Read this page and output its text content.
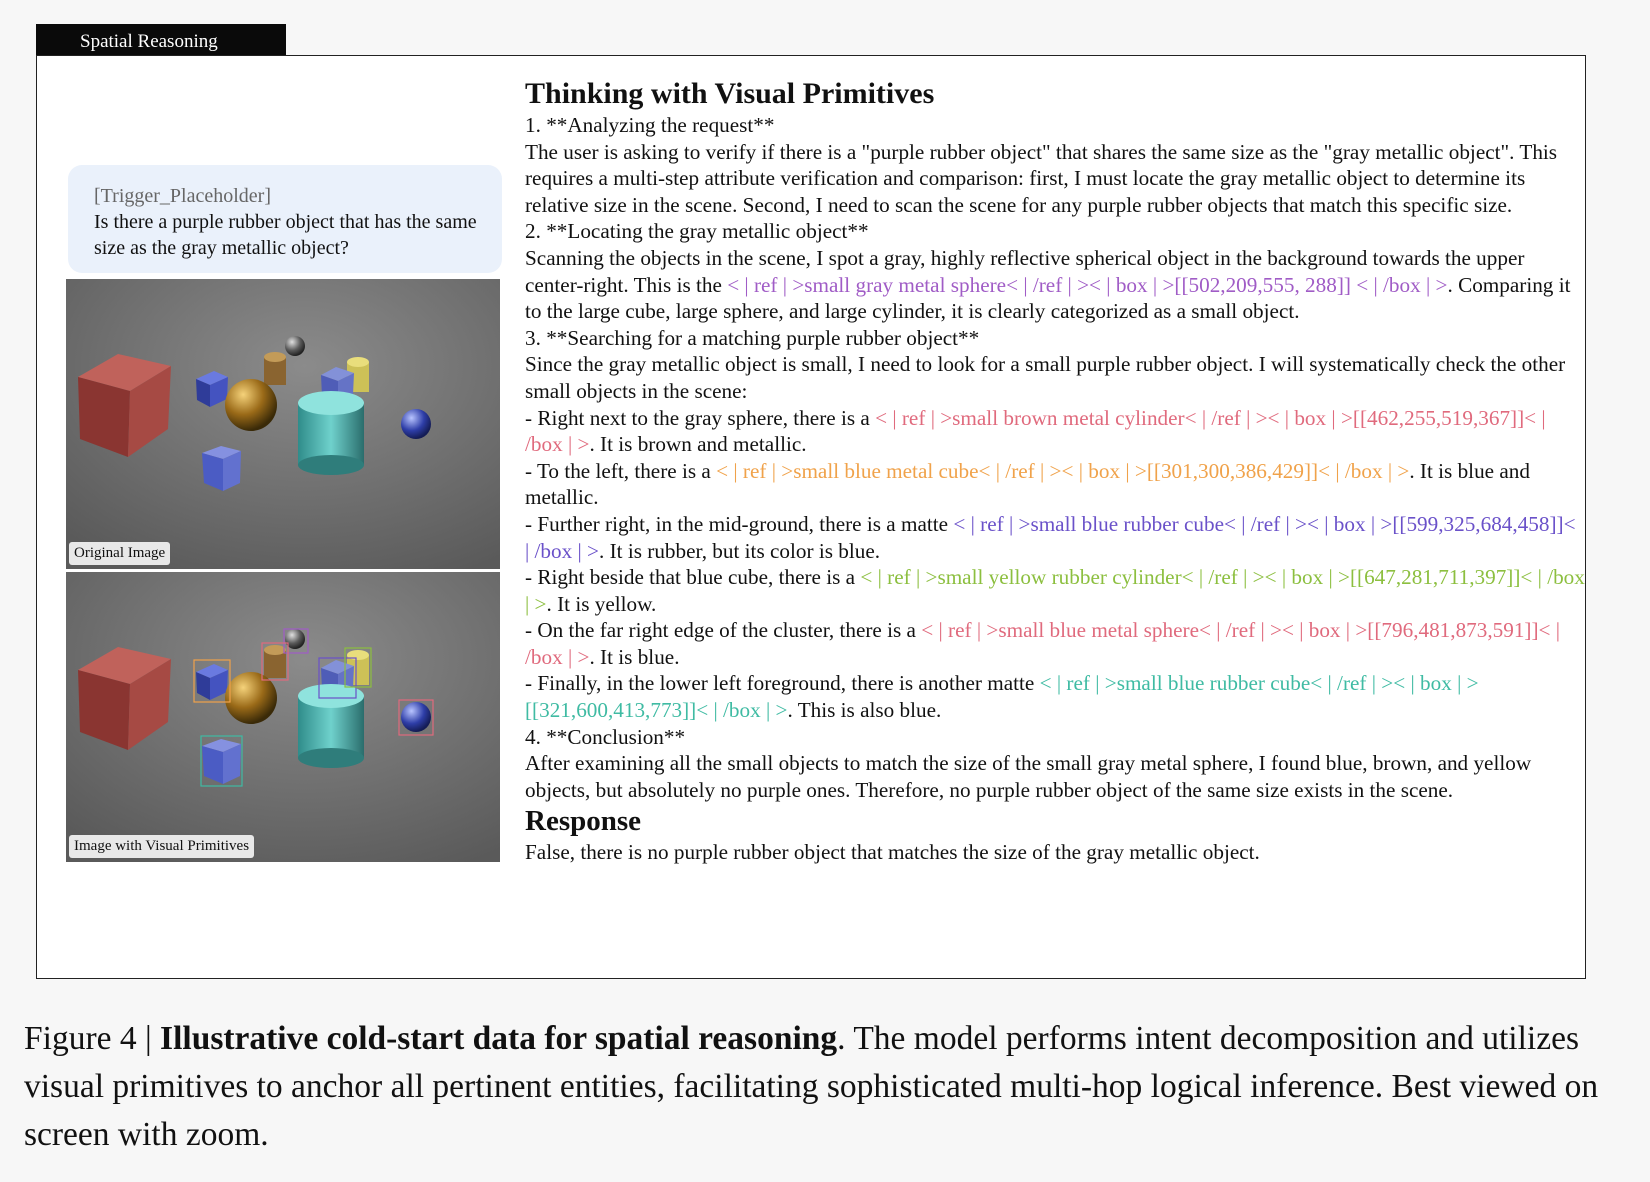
Spatial Reasoning
[Trigger_Placeholder]
Is there a purple rubber object that has the same size as the gray metallic object?
Original Image
Image with Visual Primitives

Thinking with Visual Primitives

1. **Analyzing the request**

The user is asking to verify if there is a "purple rubber object" that shares the same size as the "gray metallic object". This requires a multi-step attribute verification and comparison: first, I must locate the gray metallic object to determine its relative size in the scene. Second, I need to scan the scene for any purple rubber objects that match this specific size.

2. **Locating the gray metallic object**

Scanning the objects in the scene, I spot a gray, highly reflective spherical object in the background towards the upper center-right. This is the < | ref | >small gray metal sphere< | /ref | >< | box | >[[502,209,555, 288]] < | /box | >. Comparing it to the large cube, large sphere, and large cylinder, it is clearly categorized as a small object.

3. **Searching for a matching purple rubber object**

Since the gray metallic object is small, I need to look for a small purple rubber object. I will systematically check the other small objects in the scene:

- Right next to the gray sphere, there is a < | ref | >small brown metal cylinder< | /ref | >< | box | >[[462,255,519,367]]< | /box | >. It is brown and metallic.

- To the left, there is a < | ref | >small blue metal cube< | /ref | >< | box | >[[301,300,386,429]]< | /box | >. It is blue and metallic.

- Further right, in the mid-ground, there is a matte < | ref | >small blue rubber cube< | /ref | >< | box | >[[599,325,684,458]]< | /box | >. It is rubber, but its color is blue.

- Right beside that blue cube, there is a < | ref | >small yellow rubber cylinder< | /ref | >< | box | >[[647,281,711,397]]< | /box | >. It is yellow.

- On the far right edge of the cluster, there is a < | ref | >small blue metal sphere< | /ref | >< | box | >[[796,481,873,591]]< | /box | >. It is blue.

- Finally, in the lower left foreground, there is another matte < | ref | >small blue rubber cube< | /ref | >< | box | >[[321,600,413,773]]< | /box | >. This is also blue.

4. **Conclusion**

After examining all the small objects to match the size of the small gray metal sphere, I found blue, brown, and yellow objects, but absolutely no purple ones. Therefore, no purple rubber object of the same size exists in the scene.

Response

False, there is no purple rubber object that matches the size of the gray metallic object.

Figure 4 | Illustrative cold-start data for spatial reasoning. The model performs intent decomposition and utilizes visual primitives to anchor all pertinent entities, facilitating sophisticated multi-hop logical inference. Best viewed on screen with zoom.
